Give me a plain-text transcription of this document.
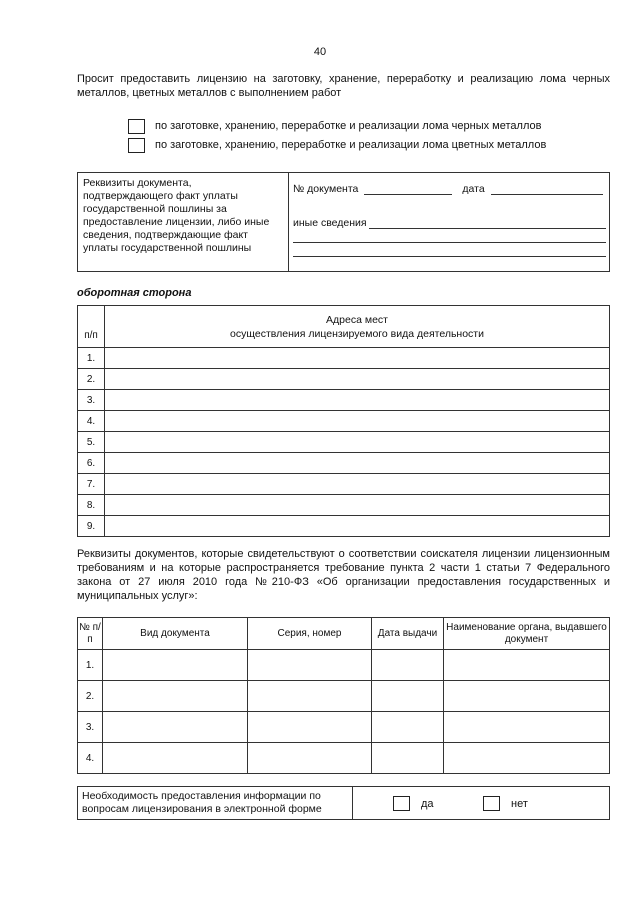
40
Просит предоставить лицензию на заготовку, хранение, переработку и реализацию лома черных металлов, цветных металлов с выполнением работ
по заготовке, хранению, переработке и реализации лома черных металлов
по заготовке, хранению, переработке и реализации лома цветных металлов
Реквизиты документа, подтверждающего факт уплаты государственной пошлины за предоставление лицензии, либо иные сведения, подтверждающие факт уплаты государственной пошлины	
№ документа	дата
иные сведения
оборотная сторона
п/п	Адреса мест
осуществления лицензируемого вида деятельности

1.	
2.	
3.	
4.	
5.	
6.	
7.	
8.	
9.	
Реквизиты документов, которые свидетельствуют о соответствии соискателя лицензии лицензионным требованиям и на которые распространяется требование пункта 2 части 1 статьи 7 Федерального закона от 27 июля 2010 года №210-ФЗ «Об организации предоставления государственных и муниципальных услуг»:
№ п/п	Вид документа	Серия, номер	Дата выдачи	Наименование органа, выдавшего документ
1.				
2.				
3.				
4.				
Необходимость предоставления информации по вопросам лицензирования в электронной форме	да	нет
